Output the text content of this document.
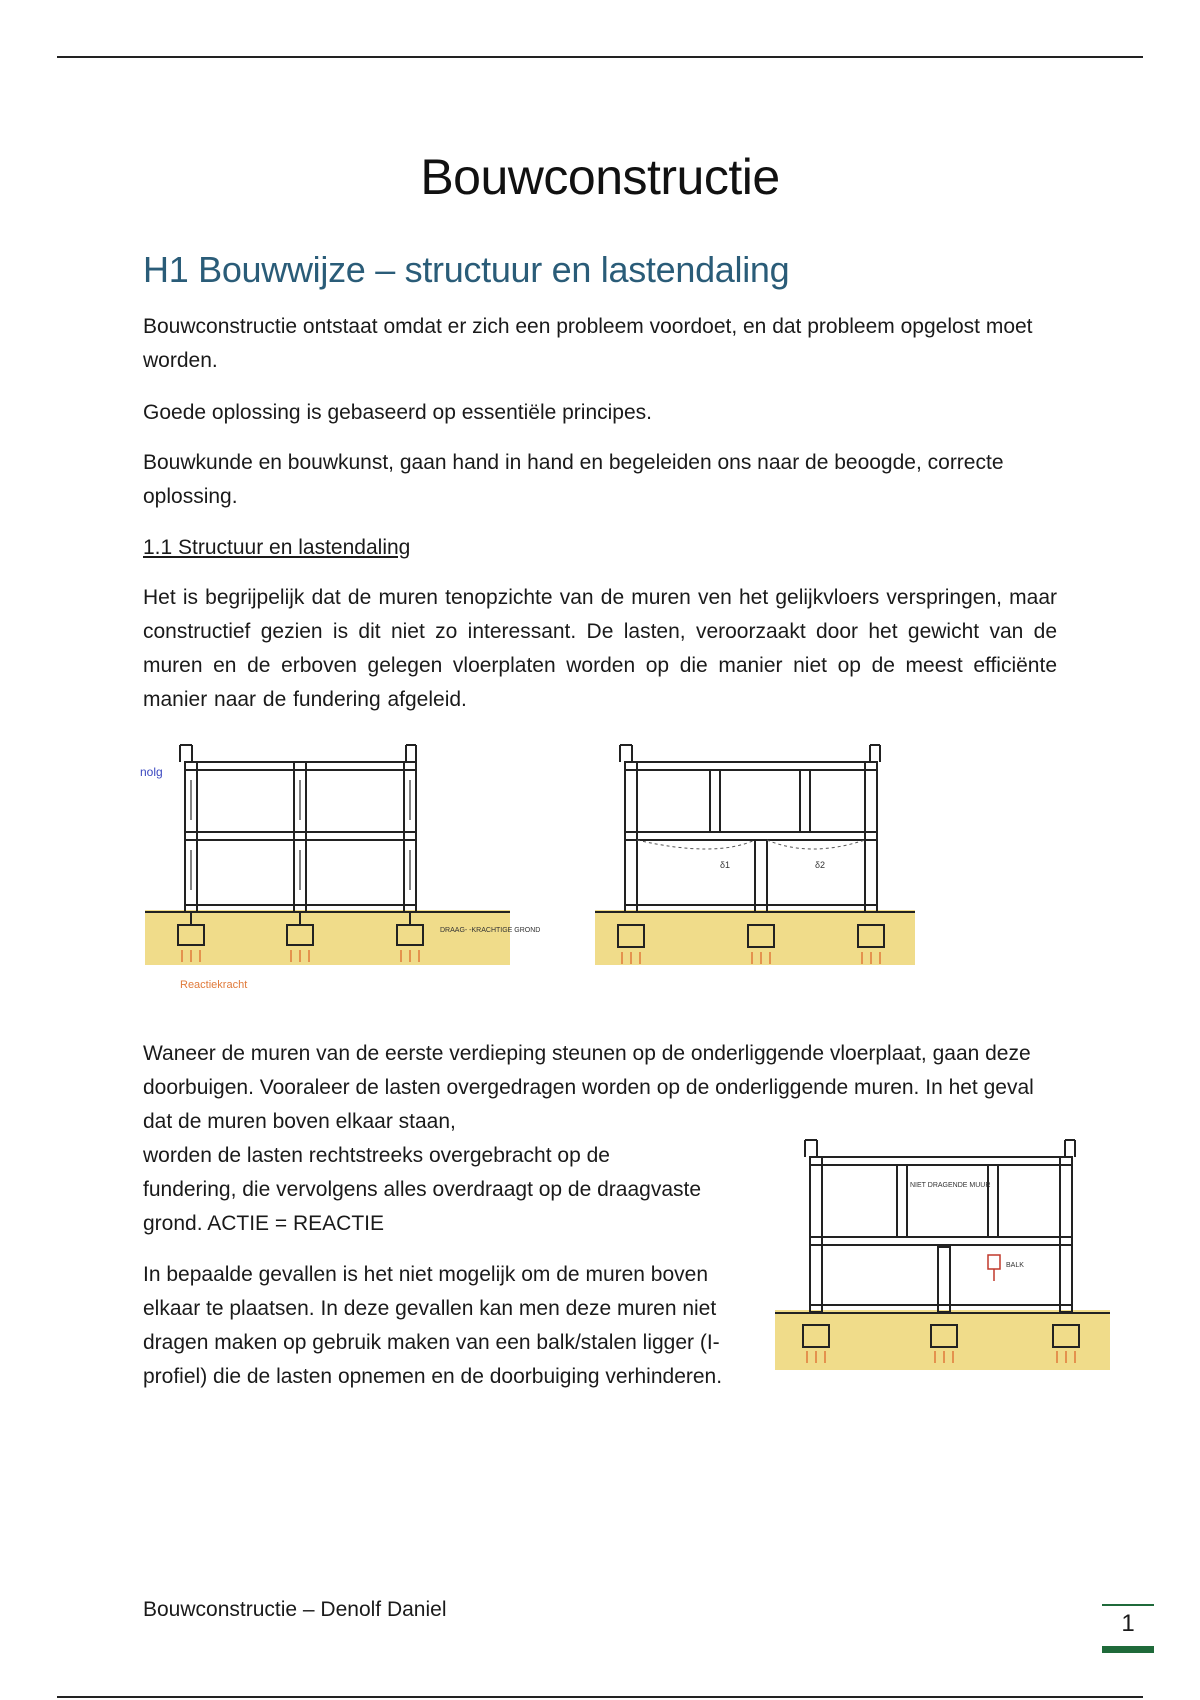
Bouwconstructie
H1 Bouwwijze – structuur en lastendaling

Bouwconstructie ontstaat omdat er zich een probleem voordoet, en dat probleem opgelost moet worden.

Goede oplossing is gebaseerd op essentiële principes.

Bouwkunde en bouwkunst, gaan hand in hand en begeleiden ons naar de beoogde, correcte oplossing.

1.1 Structuur en lastendaling

Het is begrijpelijk dat de muren tenopzichte van de muren ven het gelijkvloers verspringen, maar constructief gezien is dit niet zo interessant. De lasten, veroorzaakt door het gewicht van de muren en de erboven gelegen vloerplaten worden op die manier niet op de meest efficiënte manier naar de fundering afgeleid.

nolg
DRAAG- -KRACHTIGE GROND
Reactiekracht
δ1	δ2

Waneer de muren van de eerste verdieping steunen op de onderliggende vloerplaat, gaan deze doorbuigen. Vooraleer de lasten overgedragen worden op de onderliggende muren. In het geval dat de muren boven elkaar staan,

worden de lasten rechtstreeks overgebracht op de fundering, die vervolgens alles overdraagt op de draagvaste grond. ACTIE = REACTIE

In bepaalde gevallen is het niet mogelijk om de muren boven elkaar te plaatsen. In deze gevallen kan men deze muren niet dragen maken op gebruik maken van een balk/stalen ligger (I-profiel) die de lasten opnemen en de doorbuiging verhinderen.

NIET DRAGENDE MUUR
BALK
Bouwconstructie – Denolf Daniel
1
